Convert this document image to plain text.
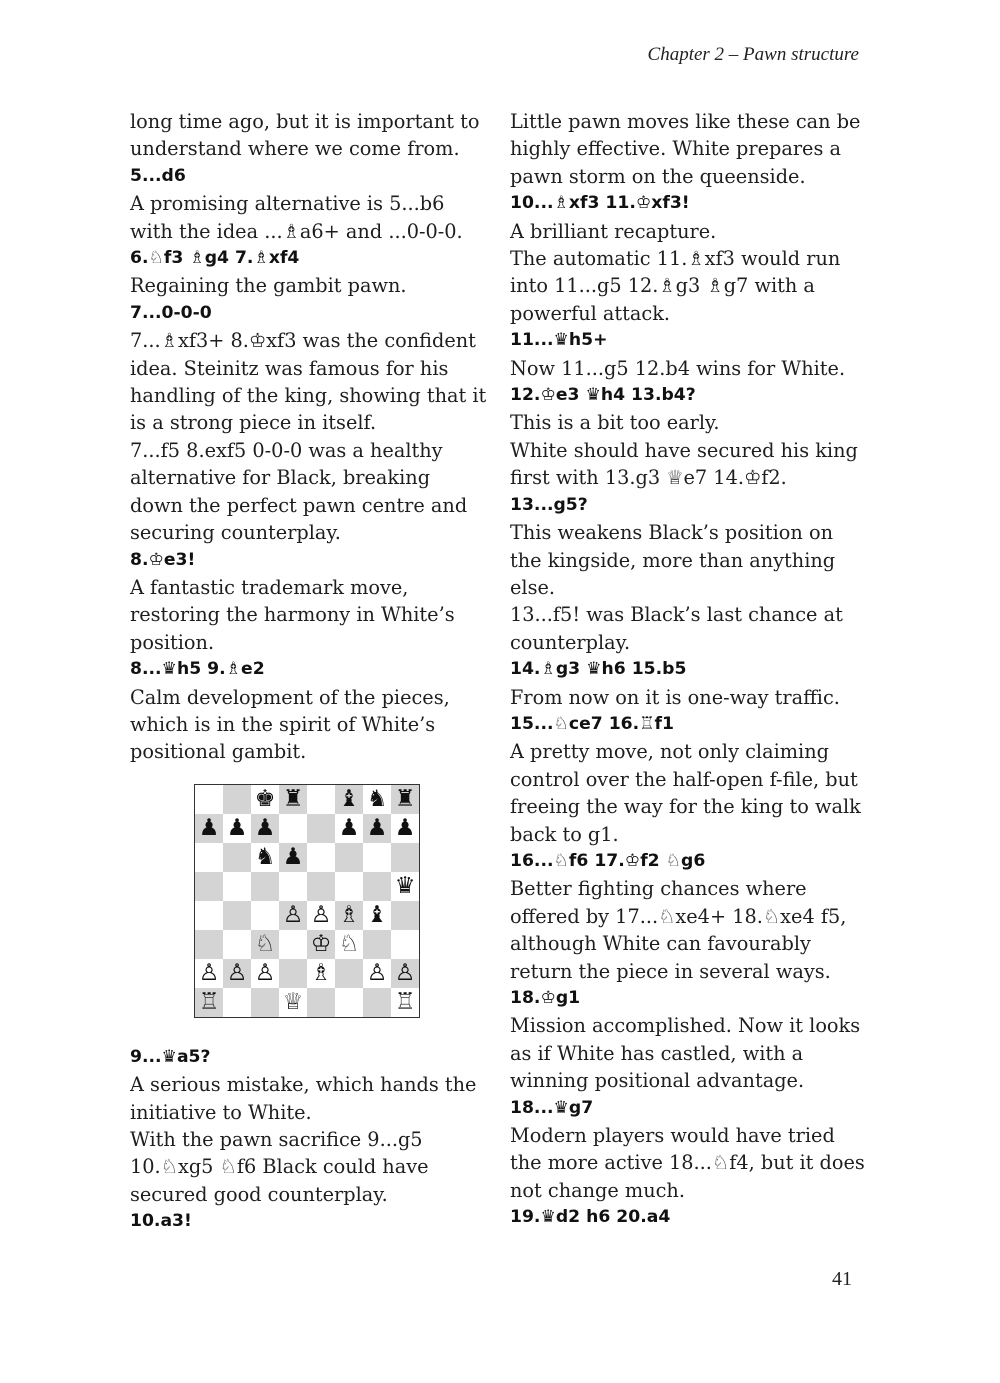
Chapter 2 – Pawn structure

long time ago, but it is important to understand where we come from.

5...d6

A promising alternative is 5...b6 with the idea ...♗a6+ and ...0-0-0.

6.♘f3 ♗g4 7.♗xf4

Regaining the gambit pawn.

7...0-0-0

7...♗xf3+ 8.♔xf3 was the confident idea. Steinitz was famous for his handling of the king, showing that it is a strong piece in itself.

7...f5 8.exf5 0-0-0 was a healthy alternative for Black, breaking down the perfect pawn centre and securing counterplay.

8.♔e3!

A fantastic trademark move, restoring the harmony in White’s position.

8...♛h5 9.♗e2

Calm development of the pieces, which is in the spirit of White’s positional gambit.

♚ ♜ ♝ ♞ ♜
♟ ♟ ♟	♟ ♟ ♟
♞ ♟
♛
♙ ♙ ♗ ♝
♘ ♔ ♘
♙ ♙ ♙ ♗ ♙ ♙
♖	♕	♖

9...♛a5?

A serious mistake, which hands the initiative to White.

With the pawn sacrifice 9...g5 10.♘xg5 ♘f6 Black could have secured good counterplay.

10.a3!

Little pawn moves like these can be highly effective. White prepares a pawn storm on the queenside.

10...♗xf3 11.♔xf3!

A brilliant recapture.

The automatic 11.♗xf3 would run into 11...g5 12.♗g3 ♗g7 with a powerful attack.

11...♛h5+

Now 11...g5 12.b4 wins for White.

12.♔e3 ♛h4 13.b4?

This is a bit too early.

White should have secured his king first with 13.g3 ♕e7 14.♔f2.

13...g5?

This weakens Black’s position on the kingside, more than anything else.

13...f5! was Black’s last chance at counterplay.

14.♗g3 ♛h6 15.b5

From now on it is one-way traffic.

15...♘ce7 16.♖f1

A pretty move, not only claiming control over the half-open f-file, but freeing the way for the king to walk back to g1.

16...♘f6 17.♔f2 ♘g6

Better fighting chances where offered by 17...♘xe4+ 18.♘xe4 f5, although White can favourably return the piece in several ways.

18.♔g1

Mission accomplished. Now it looks as if White has castled, with a winning positional advantage.

18...♛g7

Modern players would have tried the more active 18...♘f4, but it does not change much.

19.♛d2 h6 20.a4

41
